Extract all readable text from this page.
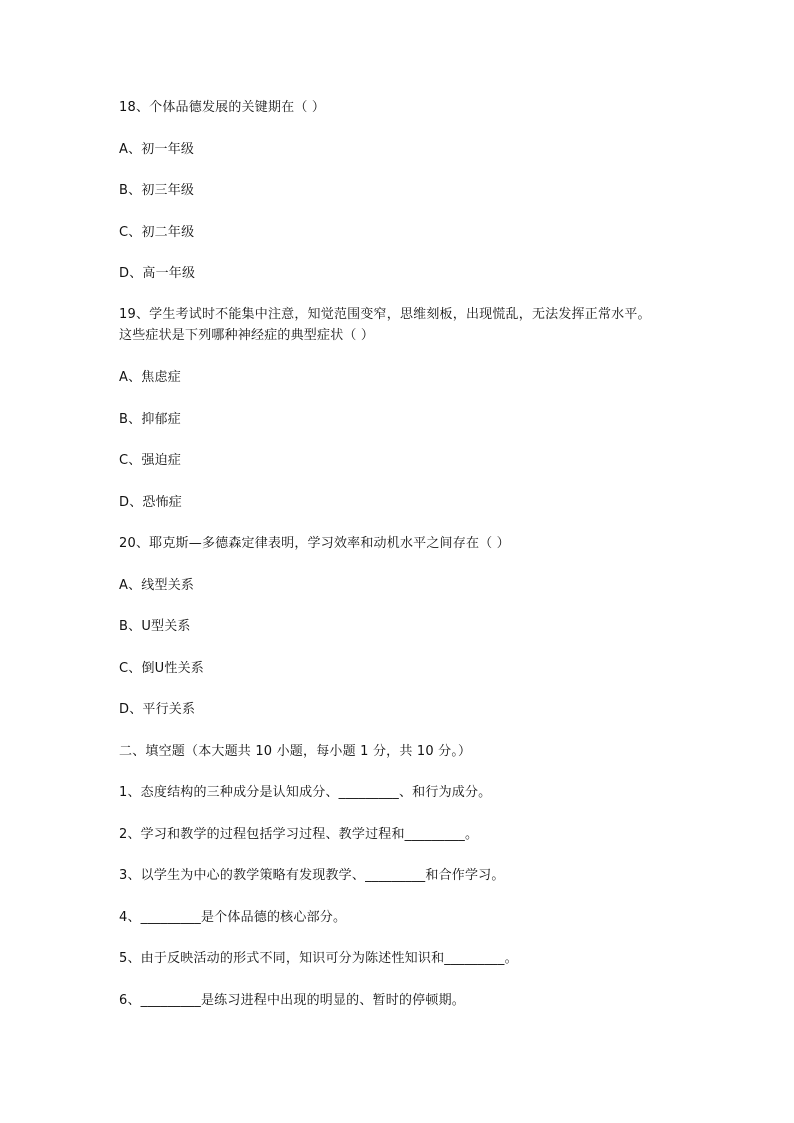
18、个体品德发展的关键期在（ ）
A、初一年级
B、初三年级
C、初二年级
D、高一年级
19、学生考试时不能集中注意，知觉范围变窄，思维刻板，出现慌乱，无法发挥正常水平。
这些症状是下列哪种神经症的典型症状（ ）
A、焦虑症
B、抑郁症
C、强迫症
D、恐怖症
20、耶克斯—多德森定律表明，学习效率和动机水平之间存在（ ）
A、线型关系
B、U型关系
C、倒U性关系
D、平行关系
二、填空题（本大题共 10 小题，每小题 1 分，共 10 分。）
1、态度结构的三种成分是认知成分、_________、和行为成分。
2、学习和教学的过程包括学习过程、教学过程和_________。
3、以学生为中心的教学策略有发现教学、_________和合作学习。
4、_________是个体品德的核心部分。
5、由于反映活动的形式不同，知识可分为陈述性知识和_________。
6、_________是练习进程中出现的明显的、暂时的停顿期。
